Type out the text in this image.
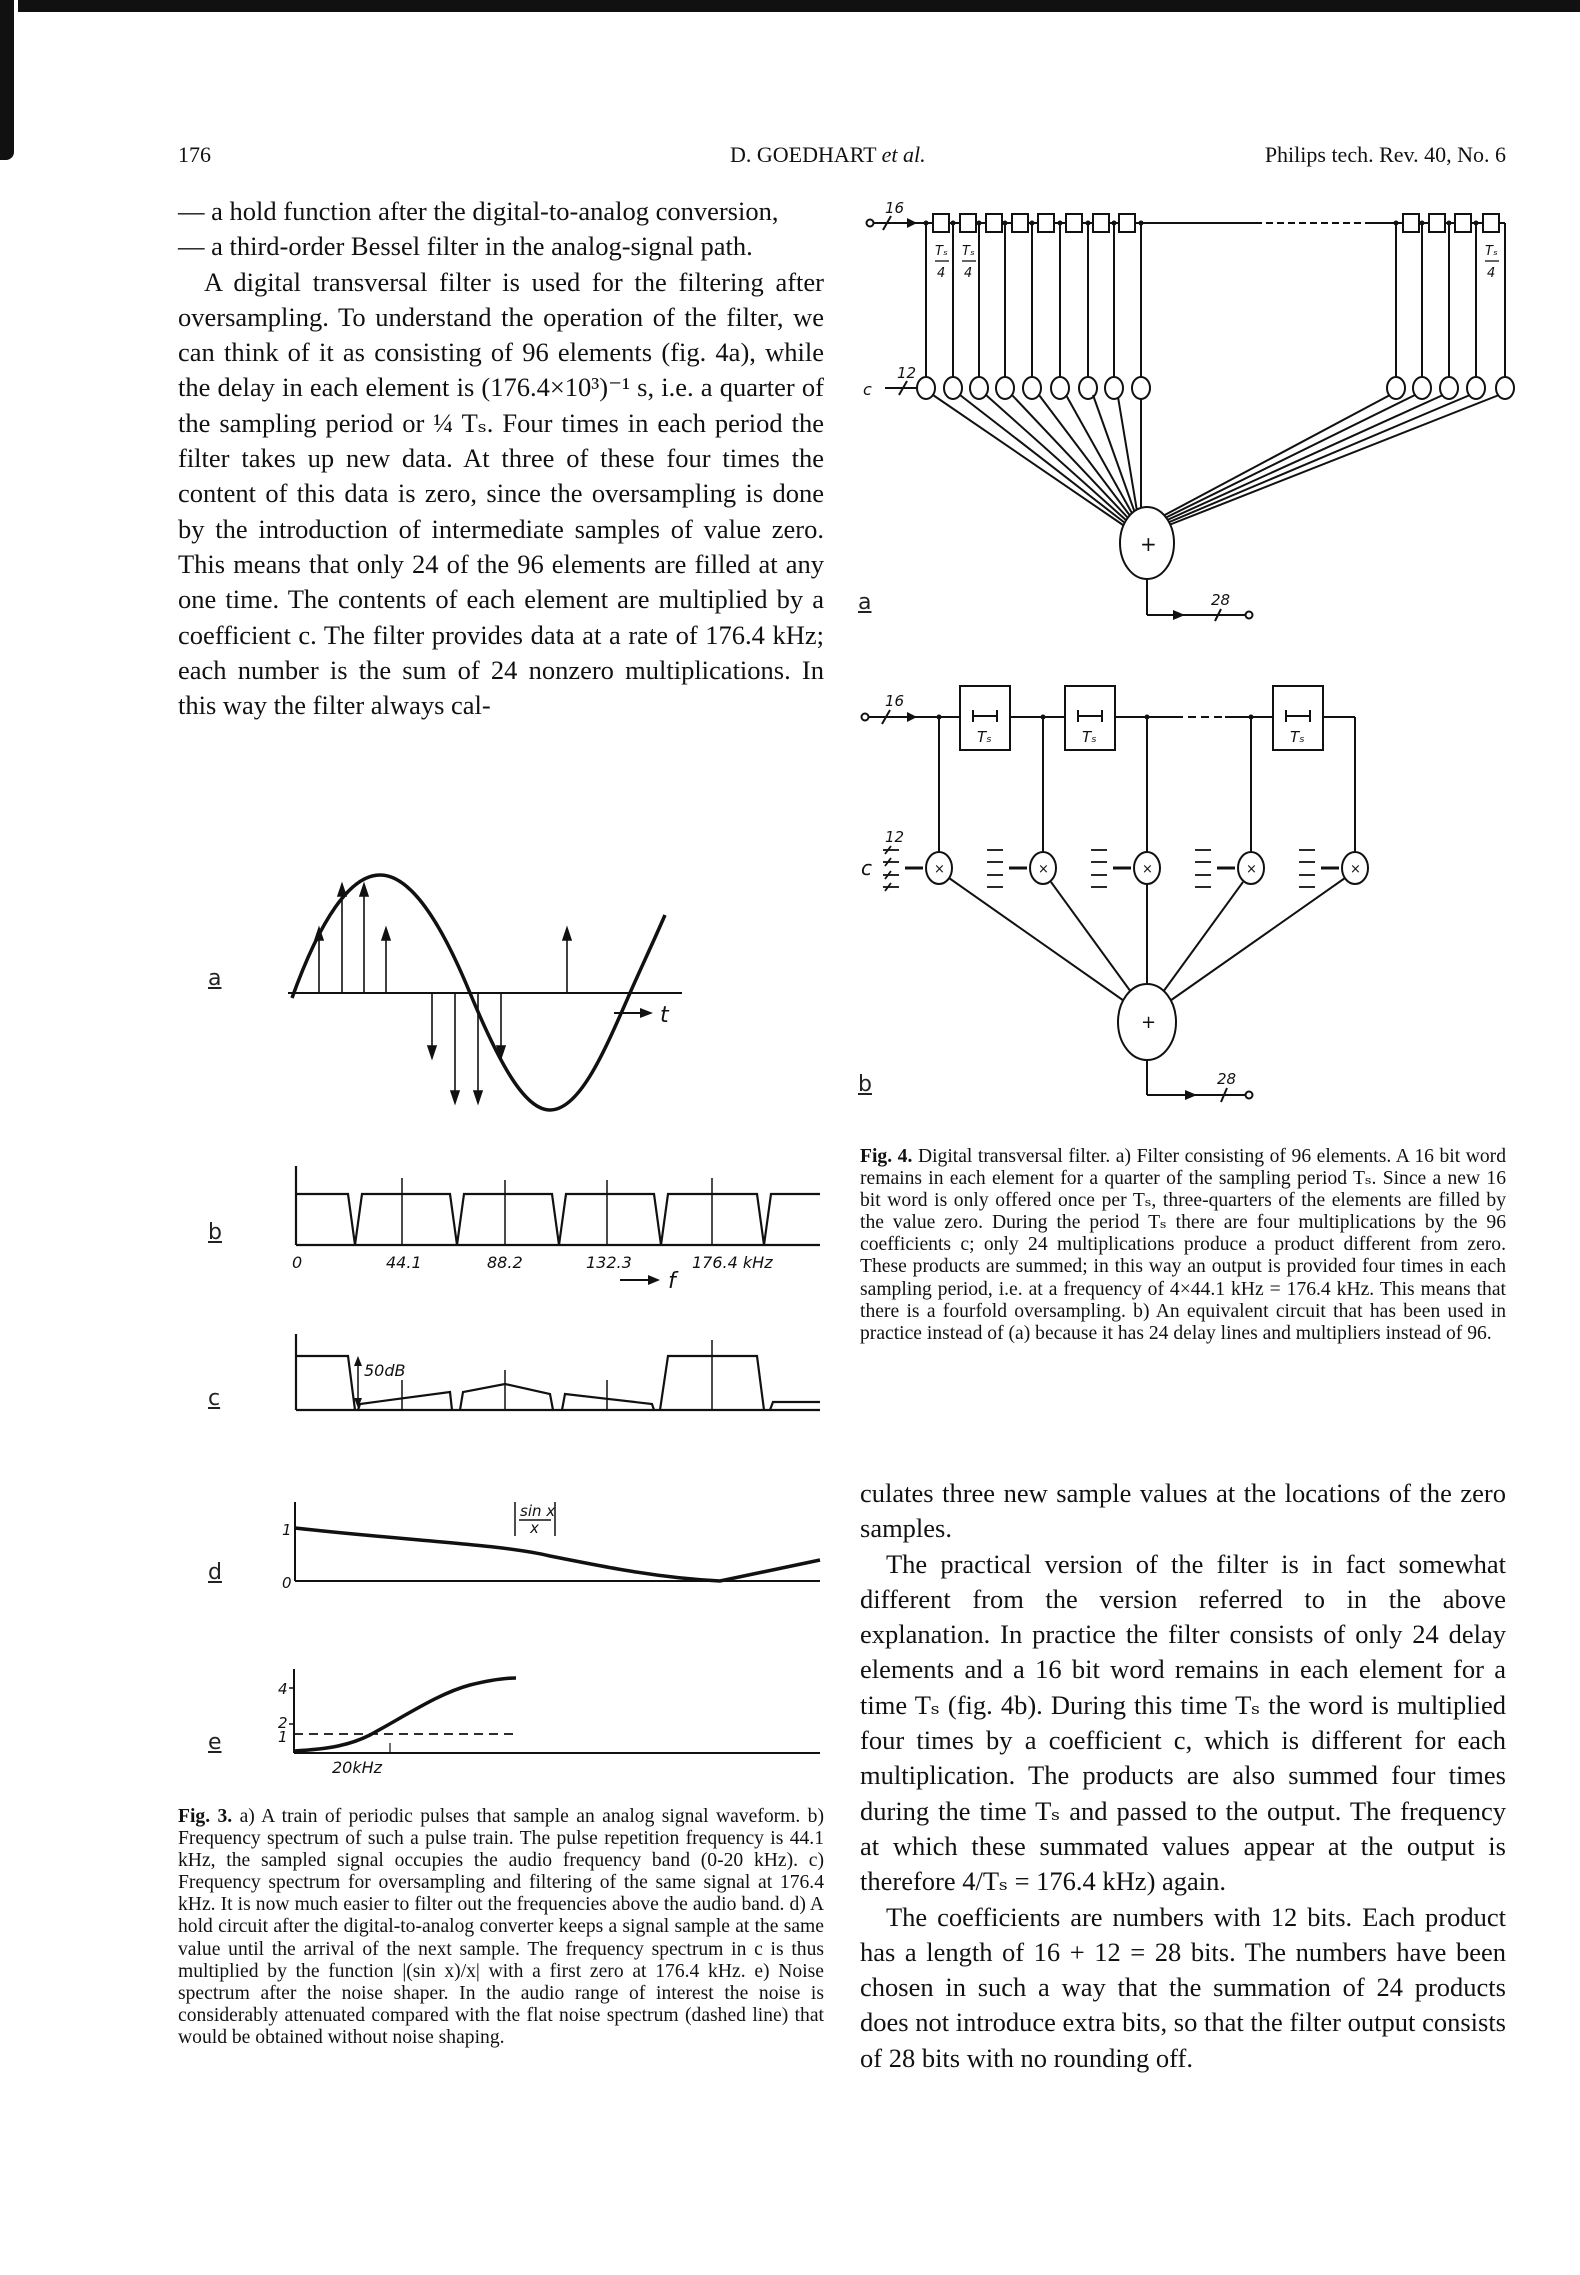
176	D. GOEDHART et al.	Philips tech. Rev. 40, No. 6

— a hold function after the digital-to-analog conversion,

— a third-order Bessel filter in the analog-signal path.

A digital transversal filter is used for the filtering after oversampling. To understand the operation of the filter, we can think of it as consisting of 96 elements (fig. 4a), while the delay in each element is (176.4×10³)⁻¹ s, i.e. a quarter of the sampling period or ¼ Tₛ. Four times in each period the filter takes up new data. At three of these four times the content of this data is zero, since the oversampling is done by the introduction of intermediate samples of value zero. This means that only 24 of the 96 elements are filled at any one time. The contents of each element are multiplied by a coefficient c. The filter provides data at a rate of 176.4 kHz; each number is the sum of 24 nonzero multiplications. In this way the filter always cal-

a
t
b
0	44.1	88.2	132.3	176.4 kHz
f
c
50dB
d
sin x
x
1
0
e
4
2
1
20kHz
Fig. 3. a) A train of periodic pulses that sample an analog signal waveform. b) Frequency spectrum of such a pulse train. The pulse repetition frequency is 44.1 kHz, the sampled signal occupies the audio frequency band (0-20 kHz). c) Frequency spectrum for oversampling and filtering of the same signal at 176.4 kHz. It is now much easier to filter out the frequencies above the audio band. d) A hold circuit after the digital-to-analog converter keeps a signal sample at the same value until the arrival of the next sample. The frequency spectrum in c is thus multiplied by the function |(sin x)/x| with a first zero at 176.4 kHz. e) Noise spectrum after the noise shaper. In the audio range of interest the noise is considerably attenuated compared with the flat noise spectrum (dashed line) that would be obtained without noise shaping.
16
c
12
Tₛ
4
Tₛ
4
Tₛ
4
+
28
a
16
c
12
Tₛ	Tₛ	Tₛ
×	×	×	×	×
+
28
b
Fig. 4. Digital transversal filter. a) Filter consisting of 96 elements. A 16 bit word remains in each element for a quarter of the sampling period Tₛ. Since a new 16 bit word is only offered once per Tₛ, three-quarters of the elements are filled by the value zero. During the period Tₛ there are four multiplications by the 96 coefficients c; only 24 multiplications produce a product different from zero. These products are summed; in this way an output is provided four times in each sampling period, i.e. at a frequency of 4×44.1 kHz = 176.4 kHz. This means that there is a fourfold oversampling. b) An equivalent circuit that has been used in practice instead of (a) because it has 24 delay lines and multipliers instead of 96.

culates three new sample values at the locations of the zero samples.

The practical version of the filter is in fact somewhat different from the version referred to in the above explanation. In practice the filter consists of only 24 delay elements and a 16 bit word remains in each element for a time Tₛ (fig. 4b). During this time Tₛ the word is multiplied four times by a coefficient c, which is different for each multiplication. The products are also summed four times during the time Tₛ and passed to the output. The frequency at which these summated values appear at the output is therefore 4/Tₛ = 176.4 kHz) again.

The coefficients are numbers with 12 bits. Each product has a length of 16 + 12 = 28 bits. The numbers have been chosen in such a way that the summation of 24 products does not introduce extra bits, so that the filter output consists of 28 bits with no rounding off.
